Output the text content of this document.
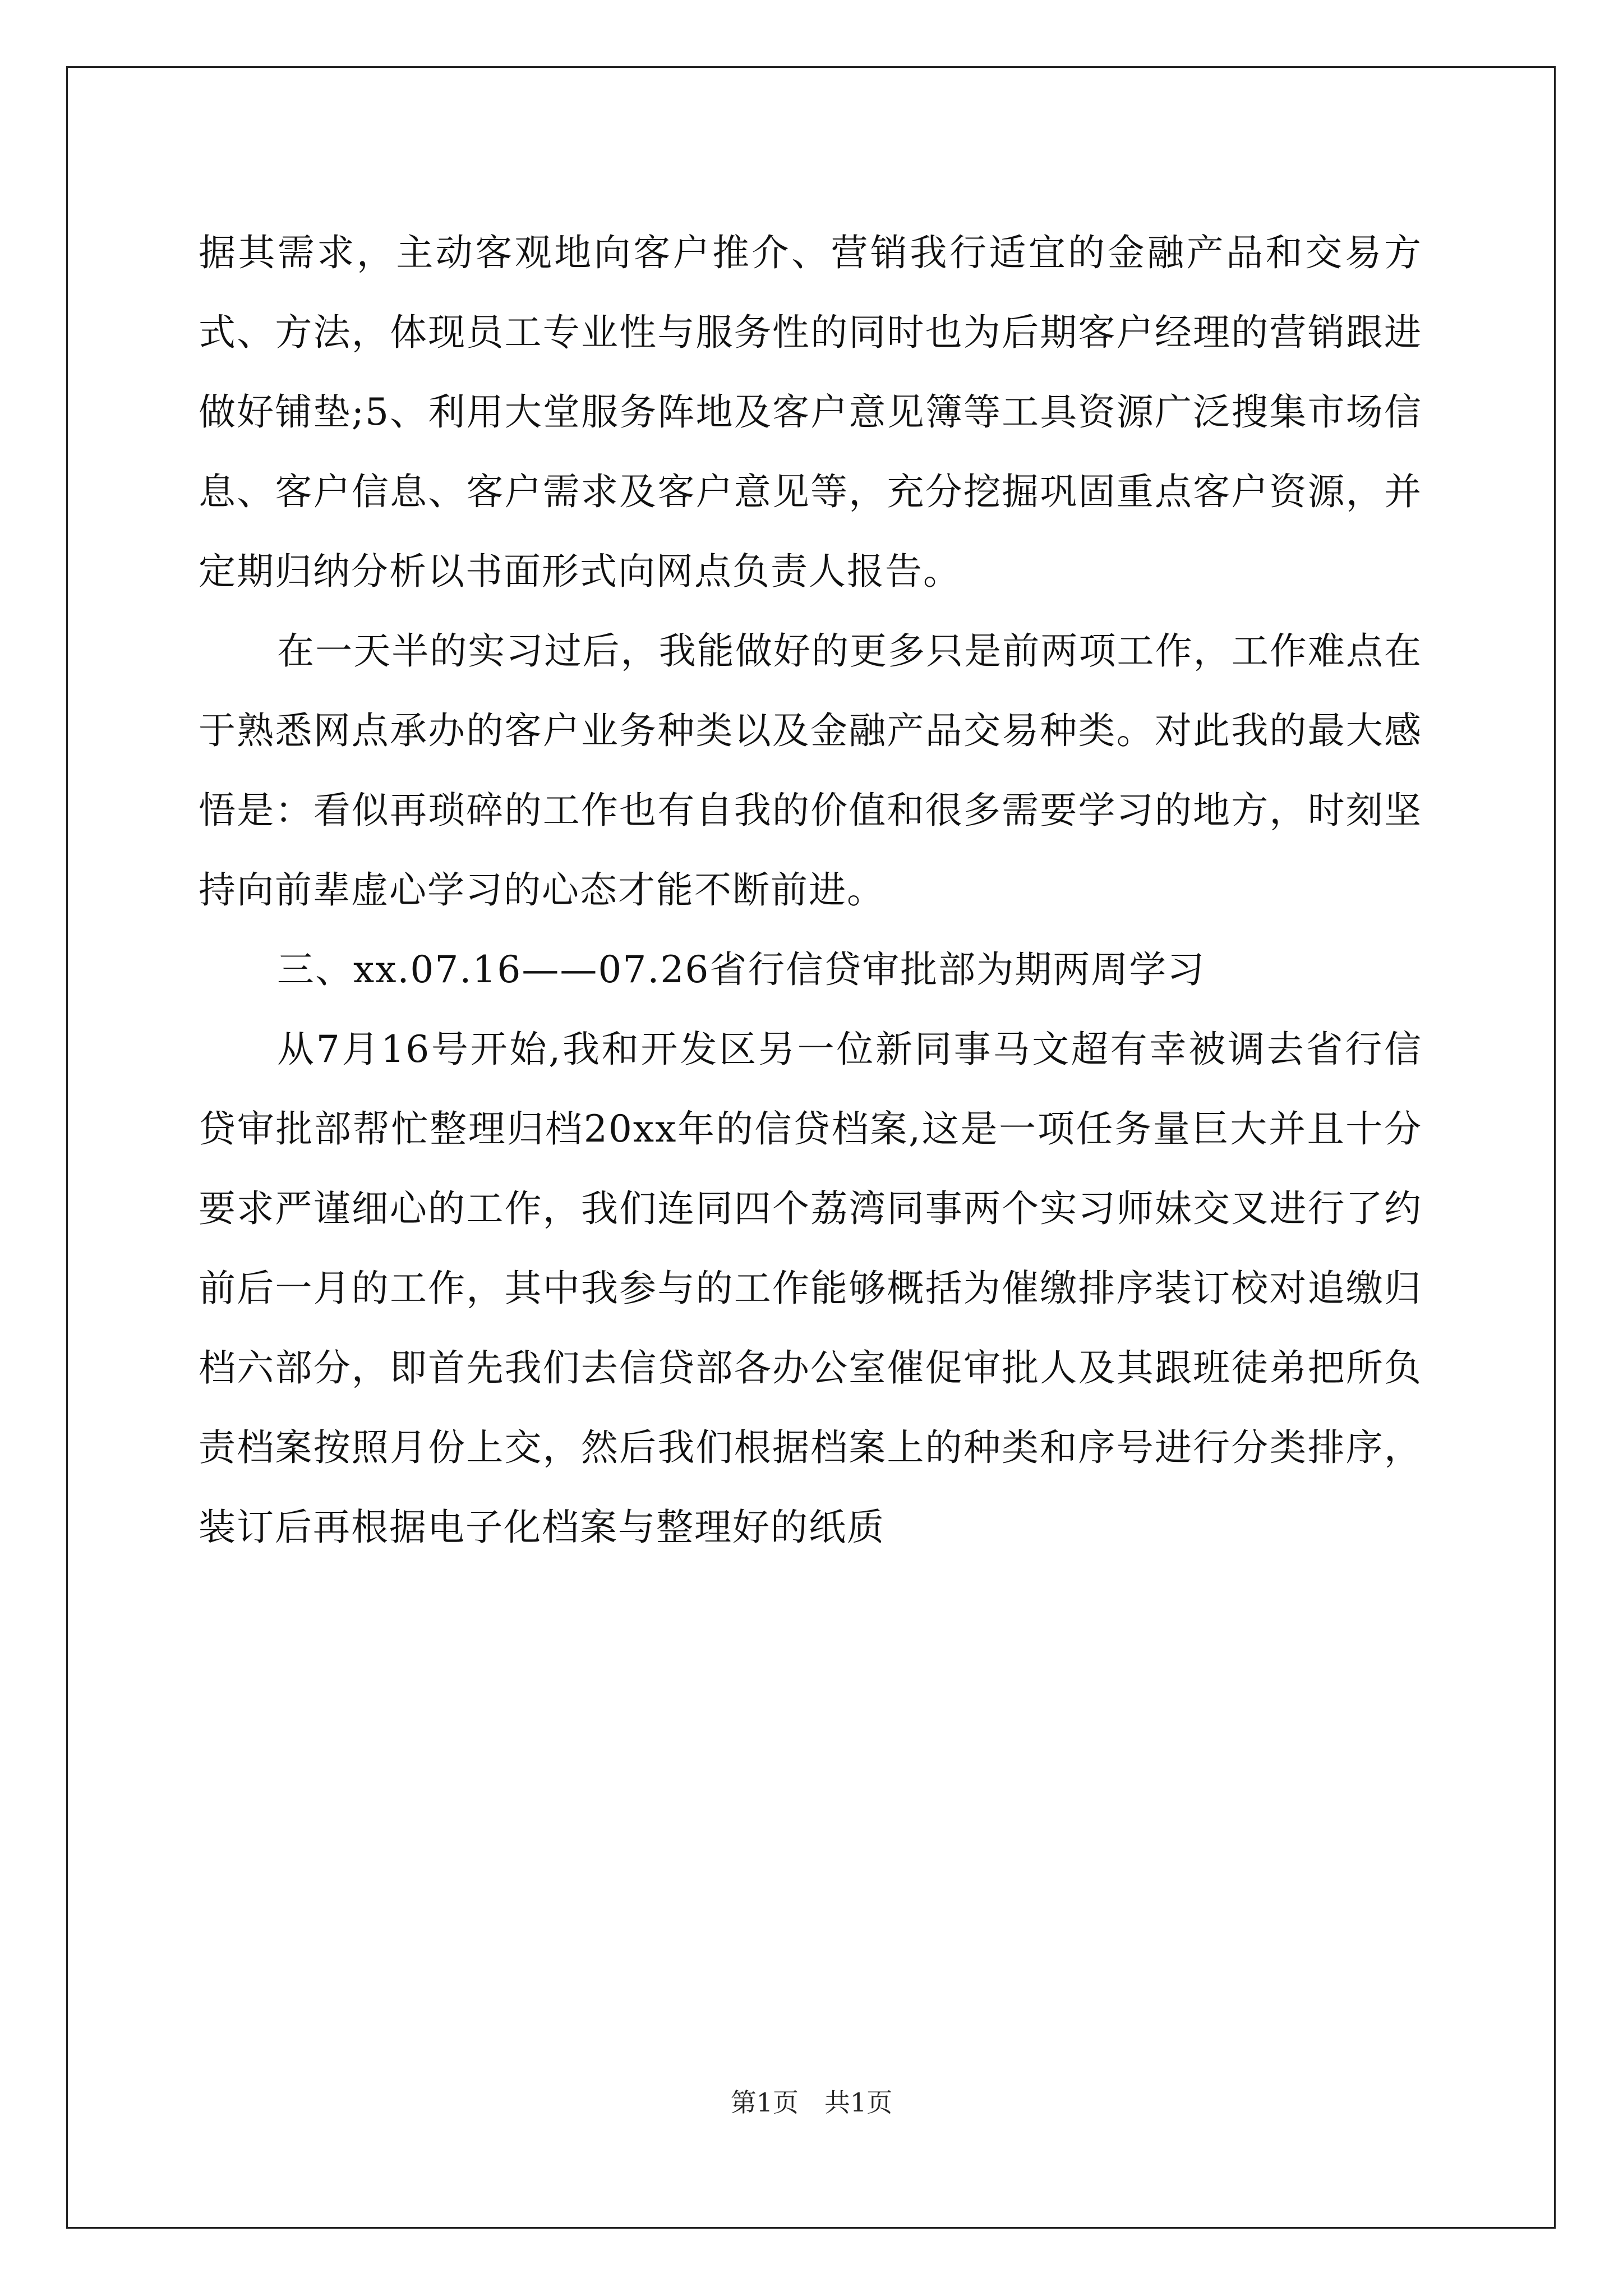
据其需求，主动客观地向客户推介、营销我行适宜的金融产品和交易方式、方法，体现员工专业性与服务性的同时也为后期客户经理的营销跟进做好铺垫;5、利用大堂服务阵地及客户意见簿等工具资源广泛搜集市场信息、客户信息、客户需求及客户意见等，充分挖掘巩固重点客户资源，并定期归纳分析以书面形式向网点负责人报告。

在一天半的实习过后，我能做好的更多只是前两项工作，工作难点在于熟悉网点承办的客户业务种类以及金融产品交易种类。对此我的最大感悟是：看似再琐碎的工作也有自我的价值和很多需要学习的地方，时刻坚持向前辈虚心学习的心态才能不断前进。

三、xx.07.16——07.26省行信贷审批部为期两周学习

从7月16号开始,我和开发区另一位新同事马文超有幸被调去省行信贷审批部帮忙整理归档20xx年的信贷档案,这是一项任务量巨大并且十分要求严谨细心的工作，我们连同四个荔湾同事两个实习师妹交叉进行了约前后一月的工作，其中我参与的工作能够概括为催缴排序装订校对追缴归档六部分，即首先我们去信贷部各办公室催促审批人及其跟班徒弟把所负责档案按照月份上交，然后我们根据档案上的种类和序号进行分类排序，装订后再根据电子化档案与整理好的纸质

第1页　共1页
